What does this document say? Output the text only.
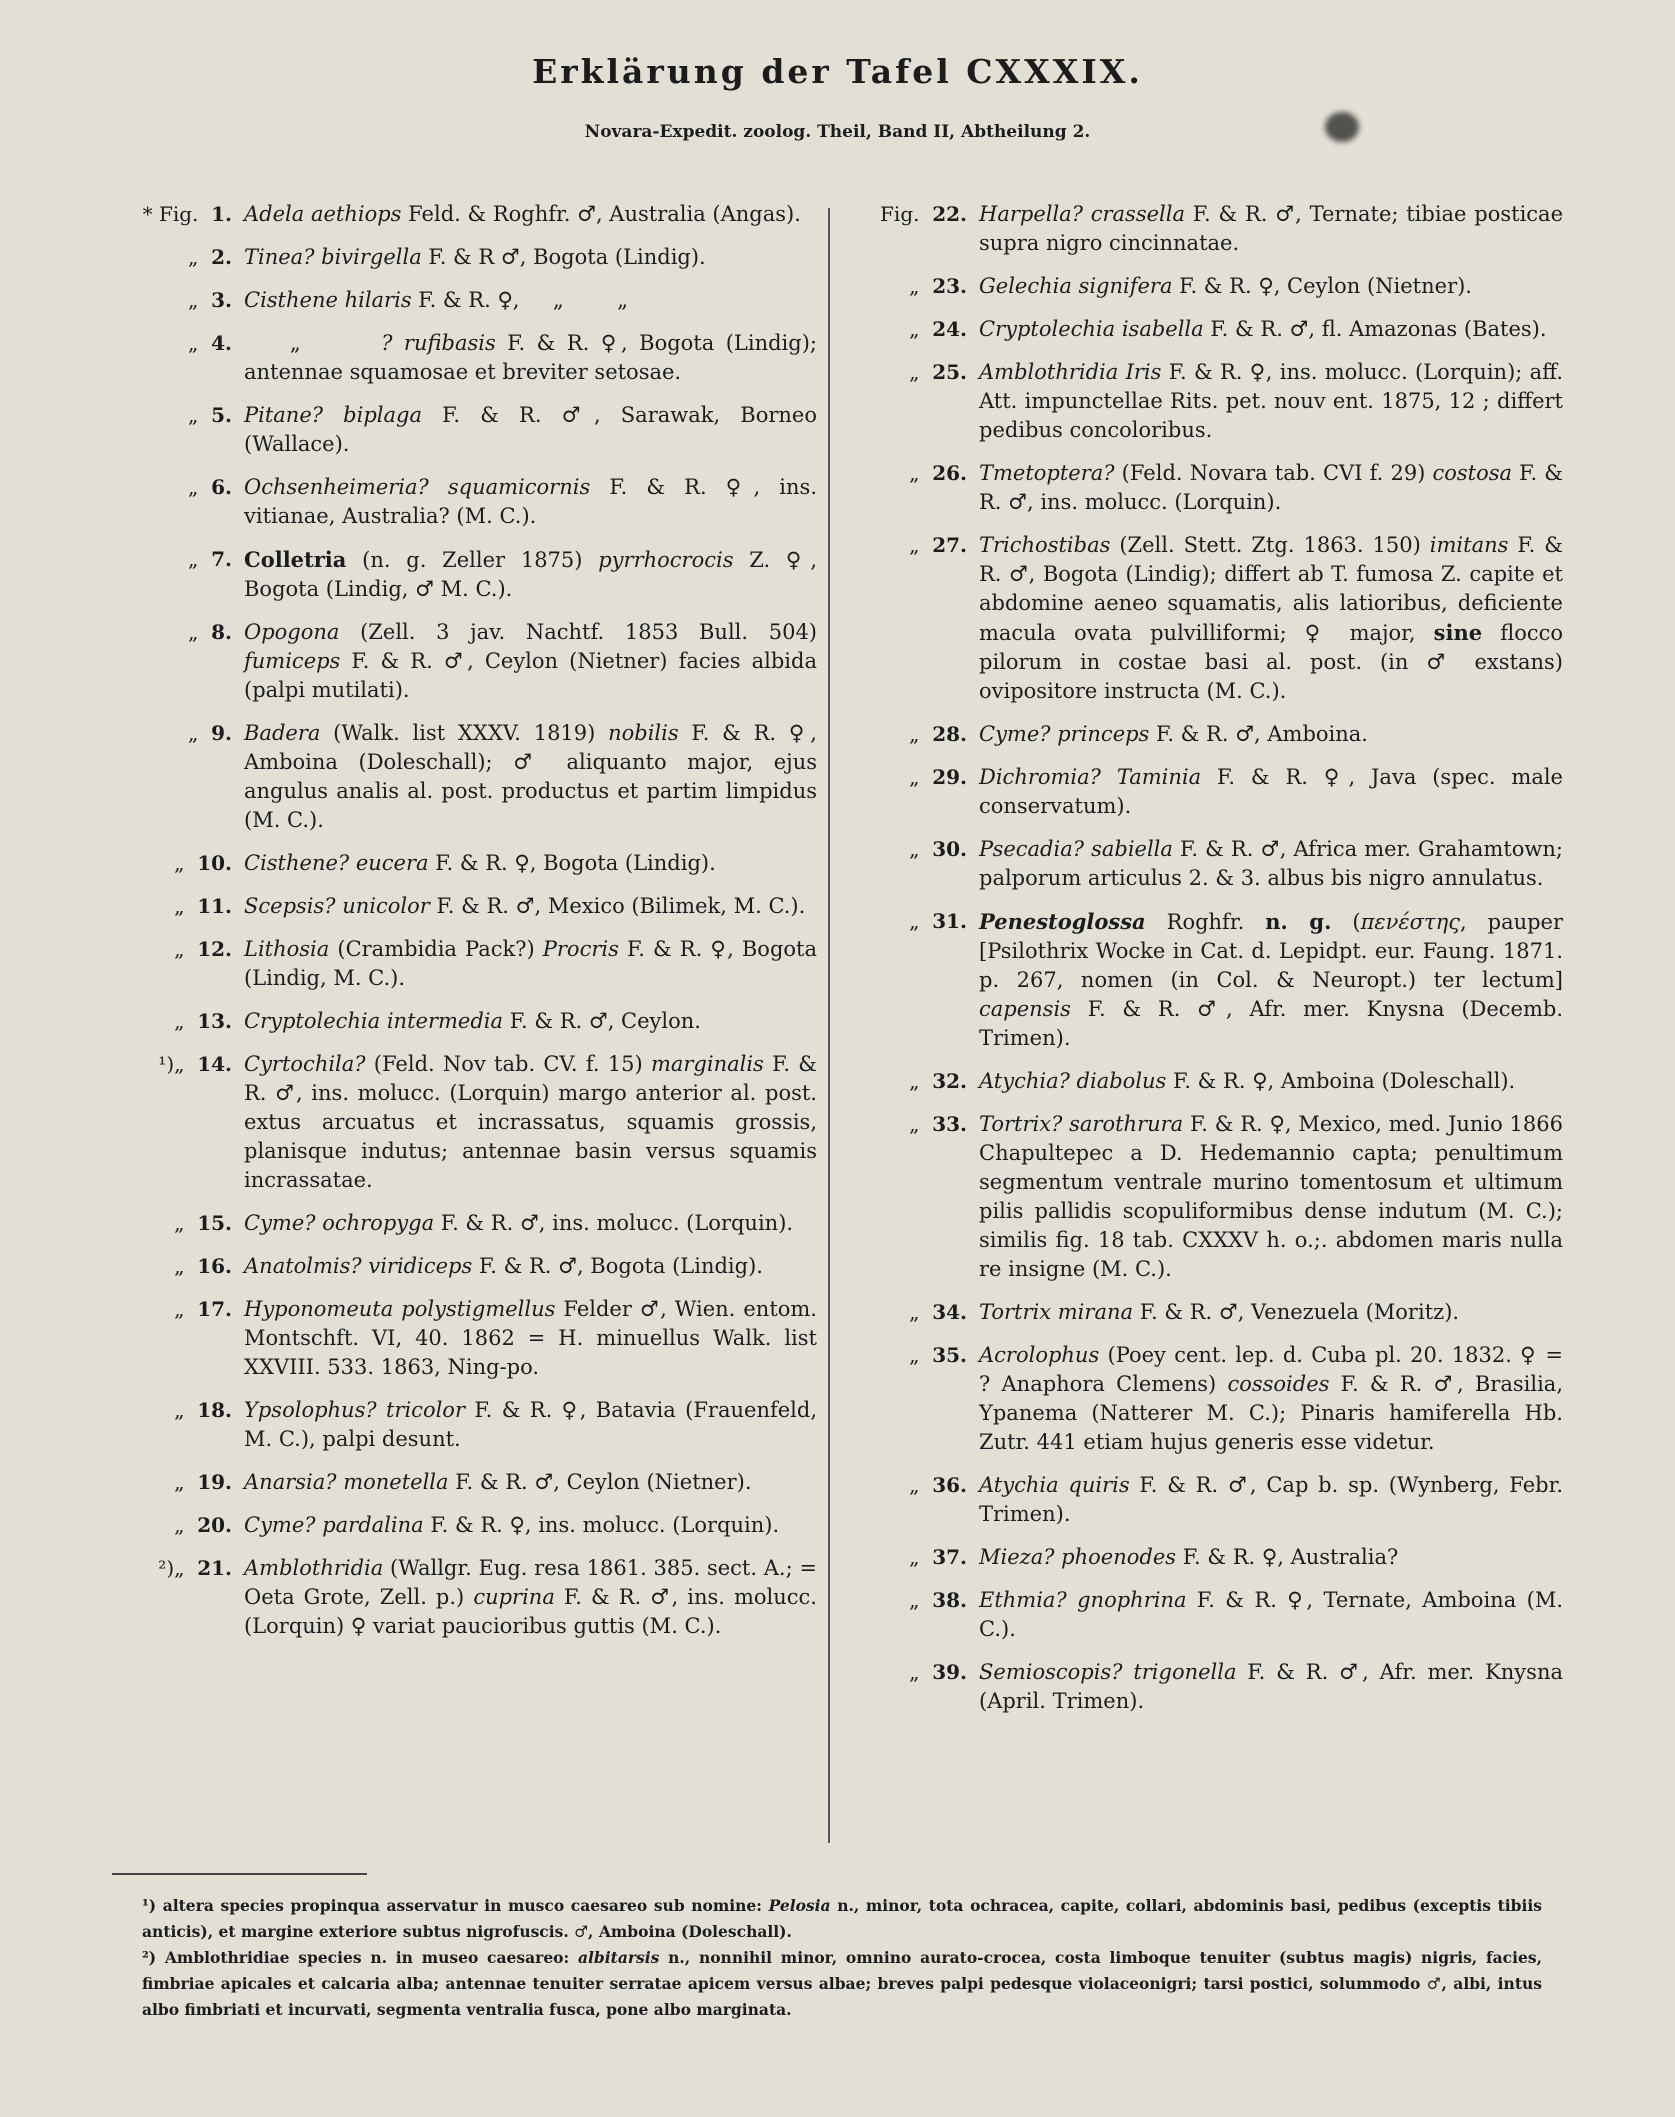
Erklärung der Tafel CXXXIX.
Novara-Expedit. zoolog. Theil, Band II, Abtheilung 2.
* Fig. 1. Adela aethiops Feld. & Roghfr. ♂, Australia (Angas).
„ 2. Tinea? bivirgella F. & R ♂, Bogota (Lindig).
„ 3. Cisthene hilaris F. & R. ♀,     „        „
„ 4. „       ? rufibasis F. & R. ♀, Bogota (Lindig); antennae squamosae et breviter setosae.
„ 5. Pitane? biplaga F. & R. ♂, Sarawak, Borneo (Wallace).
„ 6. Ochsenheimeria? squamicornis F. & R. ♀, ins. vitianae, Australia? (M. C.).
„ 7. Colletria (n. g. Zeller 1875) pyrrhocrocis Z. ♀, Bogota (Lindig, ♂ M. C.).
„ 8. Opogona (Zell. 3 jav. Nachtf. 1853 Bull. 504) fumiceps F. & R. ♂, Ceylon (Nietner) facies albida (palpi mutilati).
„ 9. Badera (Walk. list XXXV. 1819) nobilis F. & R. ♀, Amboina (Doleschall); ♂ aliquanto major, ejus angulus analis al. post. productus et partim limpidus (M. C.).
„ 10. Cisthene? eucera F. & R. ♀, Bogota (Lindig).
„ 11. Scepsis? unicolor F. & R. ♂, Mexico (Bilimek, M. C.).
„ 12. Lithosia (Crambidia Pack?) Procris F. & R. ♀, Bogota (Lindig, M. C.).
„ 13. Cryptolechia intermedia F. & R. ♂, Ceylon.
¹)„ 14. Cyrtochila? (Feld. Nov tab. CV. f. 15) marginalis F. & R. ♂, ins. molucc. (Lorquin) margo anterior al. post. extus arcuatus et incrassatus, squamis grossis, planisque indutus; antennae basin versus squamis incrassatae.
„ 15. Cyme? ochropyga F. & R. ♂, ins. molucc. (Lorquin).
„ 16. Anatolmis? viridiceps F. & R. ♂, Bogota (Lindig).
„ 17. Hyponomeuta polystigmellus Felder ♂, Wien. entom. Montschft. VI, 40. 1862 = H. minuellus Walk. list XXVIII. 533. 1863, Ning-po.
„ 18. Ypsolophus? tricolor F. & R. ♀, Batavia (Frauenfeld, M. C.), palpi desunt.
„ 19. Anarsia? monetella F. & R. ♂, Ceylon (Nietner).
„ 20. Cyme? pardalina F. & R. ♀, ins. molucc. (Lorquin).
²)„ 21. Amblothridia (Wallgr. Eug. resa 1861. 385. sect. A.; = Oeta Grote, Zell. p.) cuprina F. & R. ♂, ins. molucc. (Lorquin) ♀ variat paucioribus guttis (M. C.).
Fig. 22. Harpella? crassella F. & R. ♂, Ternate; tibiae posticae supra nigro cincinnatae.
„ 23. Gelechia signifera F. & R. ♀, Ceylon (Nietner).
„ 24. Cryptolechia isabella F. & R. ♂, fl. Amazonas (Bates).
„ 25. Amblothridia Iris F. & R. ♀, ins. molucc. (Lorquin); aff. Att. impunctellae Rits. pet. nouv ent. 1875, 12 ; differt pedibus concoloribus.
„ 26. Tmetoptera? (Feld. Novara tab. CVI f. 29) costosa F. & R. ♂, ins. molucc. (Lorquin).
„ 27. Trichostibas (Zell. Stett. Ztg. 1863. 150) imitans F. & R. ♂, Bogota (Lindig); differt ab T. fumosa Z. capite et abdomine aeneo squamatis, alis latioribus, deficiente macula ovata pulvilliformi; ♀ major, sine flocco pilorum in costae basi al. post. (in ♂ exstans) ovipositore instructa (M. C.).
„ 28. Cyme? princeps F. & R. ♂, Amboina.
„ 29. Dichromia? Taminia F. & R. ♀, Java (spec. male conservatum).
„ 30. Psecadia? sabiella F. & R. ♂, Africa mer. Grahamtown; palporum articulus 2. & 3. albus bis nigro annulatus.
„ 31. Penestoglossa Roghfr. n. g. (πενέστης, pauper [Psilothrix Wocke in Cat. d. Lepidpt. eur. Faung. 1871. p. 267, nomen (in Col. & Neuropt.) ter lectum] capensis F. & R. ♂, Afr. mer. Knysna (Decemb. Trimen).
„ 32. Atychia? diabolus F. & R. ♀, Amboina (Doleschall).
„ 33. Tortrix? sarothrura F. & R. ♀, Mexico, med. Junio 1866 Chapultepec a D. Hedemannio capta; penultimum segmentum ventrale murino tomentosum et ultimum pilis pallidis scopuliformibus dense indutum (M. C.); similis fig. 18 tab. CXXXV h. o.;. abdomen maris nulla re insigne (M. C.).
„ 34. Tortrix mirana F. & R. ♂, Venezuela (Moritz).
„ 35. Acrolophus (Poey cent. lep. d. Cuba pl. 20. 1832. ♀ = ? Anaphora Clemens) cossoides F. & R. ♂, Brasilia, Ypanema (Natterer M. C.); Pinaris hamiferella Hb. Zutr. 441 etiam hujus generis esse videtur.
„ 36. Atychia quiris F. & R. ♂, Cap b. sp. (Wynberg, Febr. Trimen).
„ 37. Mieza? phoenodes F. & R. ♀, Australia?
„ 38. Ethmia? gnophrina F. & R. ♀, Ternate, Amboina (M. C.).
„ 39. Semioscopis? trigonella F. & R. ♂, Afr. mer. Knysna (April. Trimen).

¹) altera species propinqua asservatur in musco caesareo sub nomine: Pelosia n., minor, tota ochracea, capite, collari, abdominis basi, pedibus (exceptis tibiis anticis), et margine exteriore subtus nigrofuscis. ♂, Amboina (Doleschall).

²) Amblothridiae species n. in museo caesareo: albitarsis n., nonnihil minor, omnino aurato-crocea, costa limboque tenuiter (subtus magis) nigris, facies, fimbriae apicales et calcaria alba; antennae tenuiter serratae apicem versus albae; breves palpi pedesque violaceonigri; tarsi postici, solummodo ♂, albi, intus albo fimbriati et incurvati, segmenta ventralia fusca, pone albo marginata.
